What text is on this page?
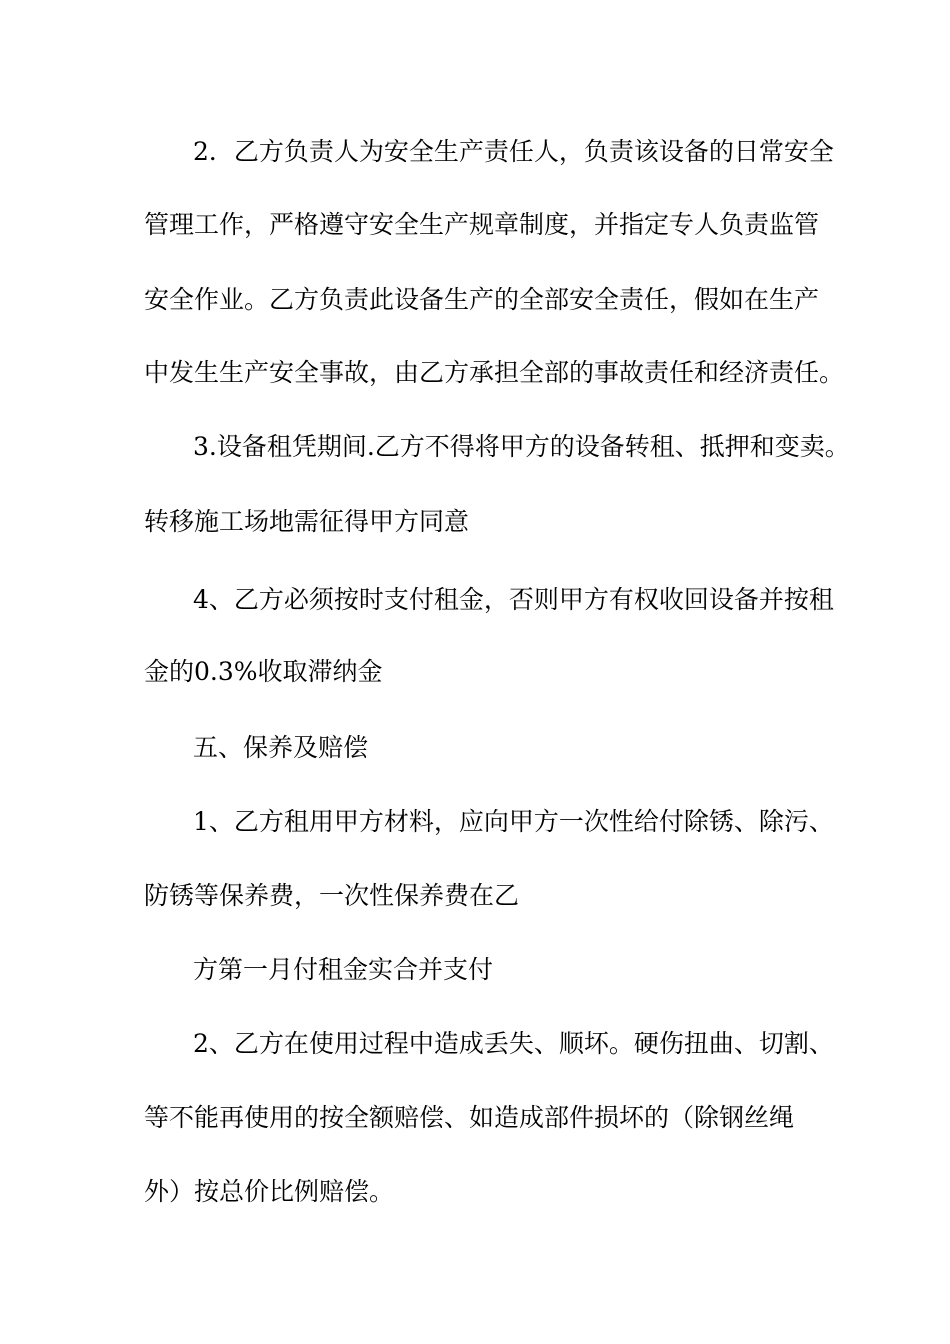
2．乙方负责人为安全生产责任人，负责该设备的日常安全
管理工作，严格遵守安全生产规章制度，并指定专人负责监管
安全作业。乙方负责此设备生产的全部安全责任，假如在生产
中发生生产安全事故，由乙方承担全部的事故责任和经济责任。
3.设备租凭期间.乙方不得将甲方的设备转租、抵押和变卖。
转移施工场地需征得甲方同意
4、乙方必须按时支付租金，否则甲方有权收回设备并按租
金的0.3%收取滞纳金
五、保养及赔偿
1、乙方租用甲方材料，应向甲方一次性给付除锈、除污、
防锈等保养费，一次性保养费在乙
方第一月付租金实合并支付
2、乙方在使用过程中造成丢失、顺坏。硬伤扭曲、切割、
等不能再使用的按全额赔偿、如造成部件损坏的（除钢丝绳
外）按总价比例赔偿。
